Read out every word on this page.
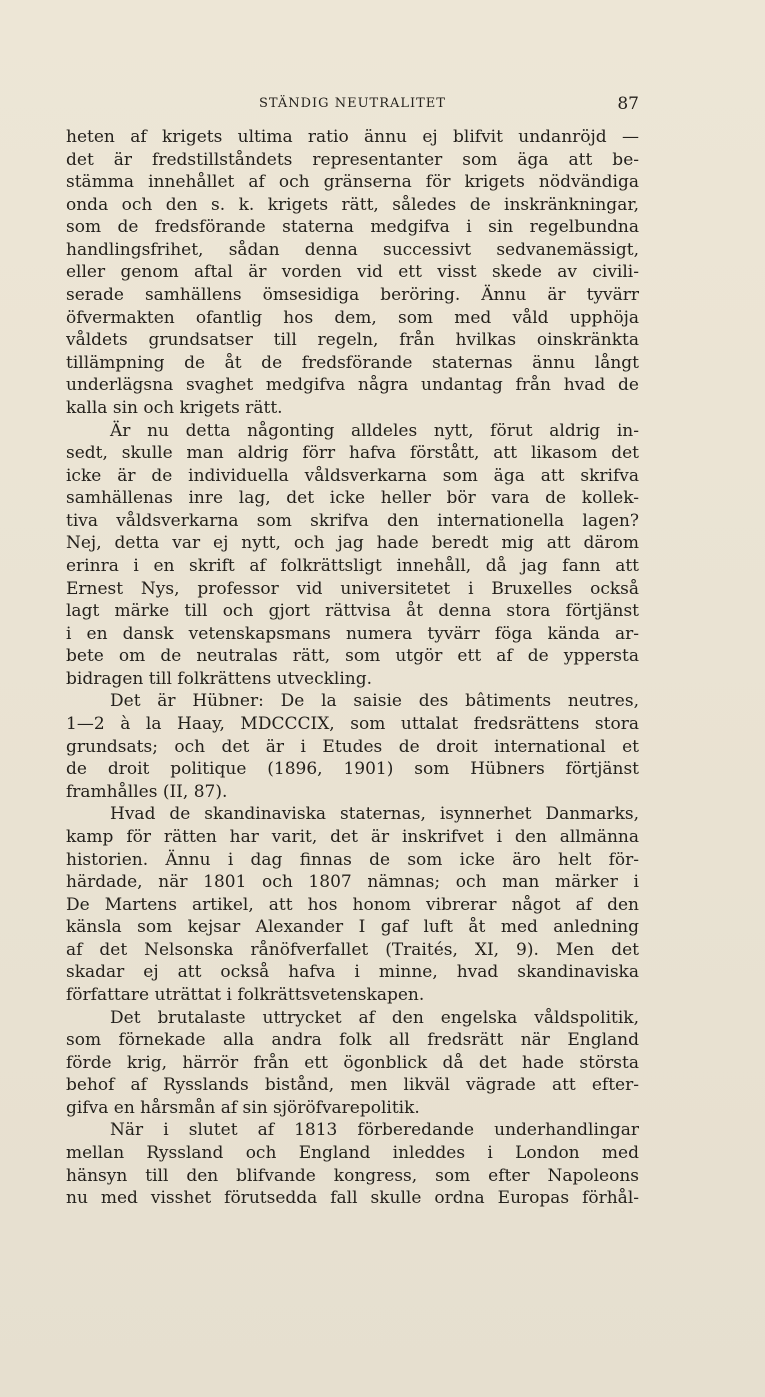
STÄNDIG NEUTRALITET	87
heten af krigets ultima ratio ännu ej blifvit undanröjd —
det är fredstillståndets representanter som äga att be-
stämma innehållet af och gränserna för krigets nödvändiga
onda och den s. k. krigets rätt, således de inskränkningar,
som de fredsförande staterna medgifva i sin regelbundna
handlingsfrihet, sådan denna successivt sedvanemässigt,
eller genom aftal är vorden vid ett visst skede av civili-
serade samhällens ömsesidiga beröring. Ännu är tyvärr
öfvermakten ofantlig hos dem, som med våld upphöja
våldets grundsatser till regeln, från hvilkas oinskränkta
tillämpning de åt de fredsförande staternas ännu långt
underlägsna svaghet medgifva några undantag från hvad de
kalla sin och krigets rätt.
Är nu detta någonting alldeles nytt, förut aldrig in-
sedt, skulle man aldrig förr hafva förstått, att likasom det
icke är de individuella våldsverkarna som äga att skrifva
samhällenas inre lag, det icke heller bör vara de kollek-
tiva våldsverkarna som skrifva den internationella lagen?
Nej, detta var ej nytt, och jag hade beredt mig att därom
erinra i en skrift af folkrättsligt innehåll, då jag fann att
Ernest Nys, professor vid universitetet i Bruxelles också
lagt märke till och gjort rättvisa åt denna stora förtjänst
i en dansk vetenskapsmans numera tyvärr föga kända ar-
bete om de neutralas rätt, som utgör ett af de yppersta
bidragen till folkrättens utveckling.
Det är Hübner: De la saisie des bâtiments neutres,
1—2 à la Haay, MDCCCIX, som uttalat fredsrättens stora
grundsats; och det är i Etudes de droit international et
de droit politique (1896, 1901) som Hübners förtjänst
framhålles (II, 87).
Hvad de skandinaviska staternas, isynnerhet Danmarks,
kamp för rätten har varit, det är inskrifvet i den allmänna
historien. Ännu i dag finnas de som icke äro helt för-
härdade, när 1801 och 1807 nämnas; och man märker i
De Martens artikel, att hos honom vibrerar något af den
känsla som kejsar Alexander I gaf luft åt med anledning
af det Nelsonska rånöfverfallet (Traités, XI, 9). Men det
skadar ej att också hafva i minne, hvad skandinaviska
författare uträttat i folkrättsvetenskapen.
Det brutalaste uttrycket af den engelska våldspolitik,
som förnekade alla andra folk all fredsrätt när England
förde krig, härrör från ett ögonblick då det hade största
behof af Rysslands bistånd, men likväl vägrade att efter-
gifva en hårsmån af sin sjöröfvarepolitik.
När i slutet af 1813 förberedande underhandlingar
mellan Ryssland och England inleddes i London med
hänsyn till den blifvande kongress, som efter Napoleons
nu med visshet förutsedda fall skulle ordna Europas förhål-
